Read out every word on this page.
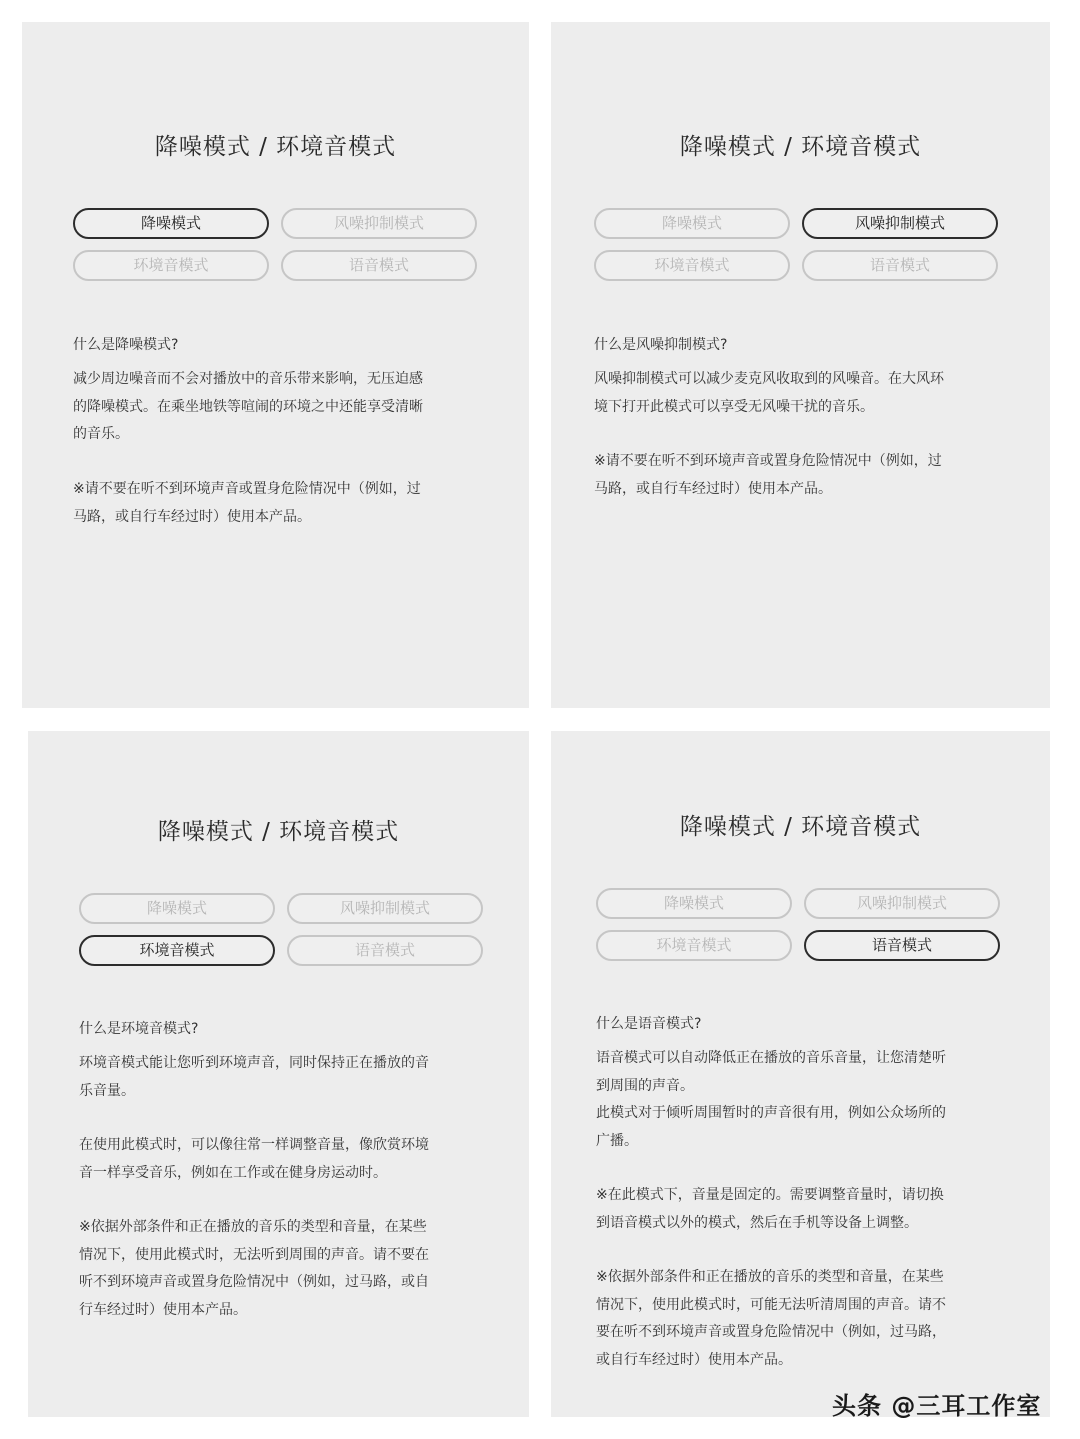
降噪模式 / 环境音模式
降噪模式	风噪抑制模式
环境音模式	语音模式
什么是降噪模式?
减少周边噪音而不会对播放中的音乐带来影响，无压迫感
的降噪模式。在乘坐地铁等喧闹的环境之中还能享受清晰
的音乐。
※请不要在听不到环境声音或置身危险情况中（例如，过
马路，或自行车经过时）使用本产品。
降噪模式 / 环境音模式
降噪模式	风噪抑制模式
环境音模式	语音模式
什么是风噪抑制模式?
风噪抑制模式可以减少麦克风收取到的风噪音。在大风环
境下打开此模式可以享受无风噪干扰的音乐。
※请不要在听不到环境声音或置身危险情况中（例如，过
马路，或自行车经过时）使用本产品。
降噪模式 / 环境音模式
降噪模式	风噪抑制模式
环境音模式	语音模式
什么是环境音模式?
环境音模式能让您听到环境声音，同时保持正在播放的音
乐音量。
在使用此模式时，可以像往常一样调整音量，像欣赏环境
音一样享受音乐，例如在工作或在健身房运动时。
※依据外部条件和正在播放的音乐的类型和音量，在某些
情况下，使用此模式时，无法听到周围的声音。请不要在
听不到环境声音或置身危险情况中（例如，过马路，或自
行车经过时）使用本产品。
降噪模式 / 环境音模式
降噪模式	风噪抑制模式
环境音模式	语音模式
什么是语音模式?
语音模式可以自动降低正在播放的音乐音量，让您清楚听
到周围的声音。
此模式对于倾听周围暂时的声音很有用，例如公众场所的
广播。
※在此模式下，音量是固定的。需要调整音量时，请切换
到语音模式以外的模式，然后在手机等设备上调整。
※依据外部条件和正在播放的音乐的类型和音量，在某些
情况下，使用此模式时，可能无法听清周围的声音。请不
要在听不到环境声音或置身危险情况中（例如，过马路，
或自行车经过时）使用本产品。
头条 @三耳工作室
